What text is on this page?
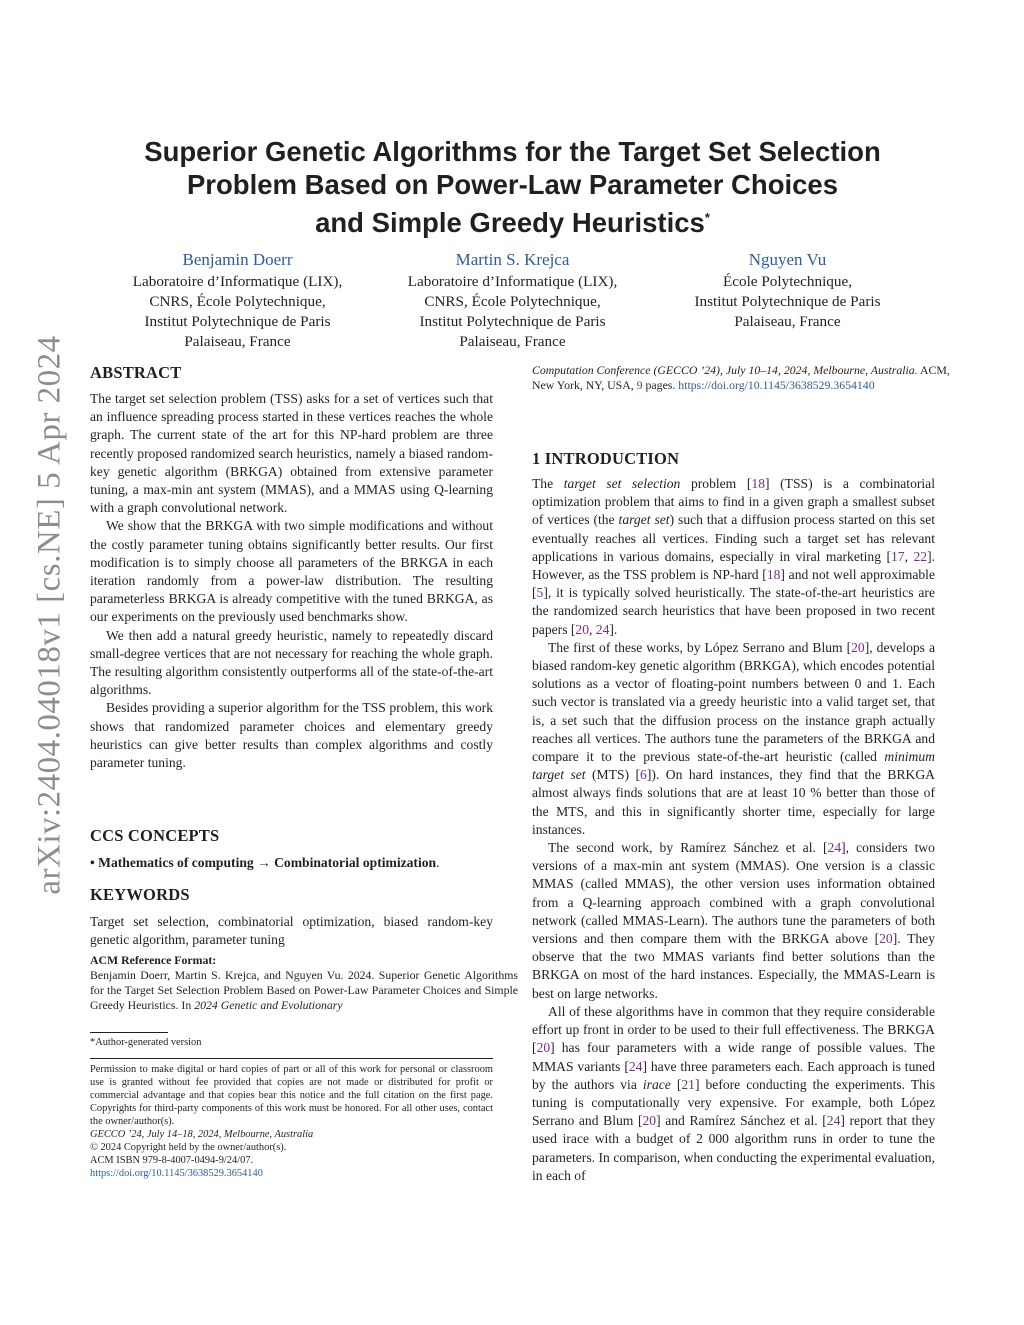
arXiv:2404.04018v1 [cs.NE] 5 Apr 2024
Superior Genetic Algorithms for the Target Set Selection
Problem Based on Power-Law Parameter Choices
and Simple Greedy Heuristics*
Benjamin Doerr
Laboratoire d’Informatique (LIX),
CNRS, École Polytechnique,
Institut Polytechnique de Paris
Palaiseau, France
Martin S. Krejca
Laboratoire d’Informatique (LIX),
CNRS, École Polytechnique,
Institut Polytechnique de Paris
Palaiseau, France
Nguyen Vu
École Polytechnique,
Institut Polytechnique de Paris
Palaiseau, France
ABSTRACT

The target set selection problem (TSS) asks for a set of vertices such that an influence spreading process started in these vertices reaches the whole graph. The current state of the art for this NP-hard problem are three recently proposed randomized search heuristics, namely a biased random-key genetic algorithm (BRKGA) obtained from extensive parameter tuning, a max-min ant system (MMAS), and a MMAS using Q-learning with a graph convolutional network.

We show that the BRKGA with two simple modifications and without the costly parameter tuning obtains significantly better results. Our first modification is to simply choose all parameters of the BRKGA in each iteration randomly from a power-law distribution. The resulting parameterless BRKGA is already competitive with the tuned BRKGA, as our experiments on the previously used benchmarks show.

We then add a natural greedy heuristic, namely to repeatedly discard small-degree vertices that are not necessary for reaching the whole graph. The resulting algorithm consistently outperforms all of the state-of-the-art algorithms.

Besides providing a superior algorithm for the TSS problem, this work shows that randomized parameter choices and elementary greedy heuristics can give better results than complex algorithms and costly parameter tuning.

CCS CONCEPTS

• Mathematics of computing → Combinatorial optimization.

KEYWORDS

Target set selection, combinatorial optimization, biased random-key genetic algorithm, parameter tuning

ACM Reference Format:

Benjamin Doerr, Martin S. Krejca, and Nguyen Vu. 2024. Superior Genetic Algorithms for the Target Set Selection Problem Based on Power-Law Parameter Choices and Simple Greedy Heuristics. In 2024 Genetic and Evolutionary

*Author-generated version

Permission to make digital or hard copies of part or all of this work for personal or classroom use is granted without fee provided that copies are not made or distributed for profit or commercial advantage and that copies bear this notice and the full citation on the first page. Copyrights for third-party components of this work must be honored. For all other uses, contact the owner/author(s).

GECCO ’24, July 14–18, 2024, Melbourne, Australia

© 2024 Copyright held by the owner/author(s).

ACM ISBN 979-8-4007-0494-9/24/07.

https://doi.org/10.1145/3638529.3654140

Computation Conference (GECCO ’24), July 10–14, 2024, Melbourne, Australia. ACM, New York, NY, USA, 9 pages. https://doi.org/10.1145/3638529.3654140

1 INTRODUCTION

The target set selection problem [18] (TSS) is a combinatorial optimization problem that aims to find in a given graph a smallest subset of vertices (the target set) such that a diffusion process started on this set eventually reaches all vertices. Finding such a target set has relevant applications in various domains, especially in viral marketing [17, 22]. However, as the TSS problem is NP-hard [18] and not well approximable [5], it is typically solved heuristically. The state-of-the-art heuristics are the randomized search heuristics that have been proposed in two recent papers [20, 24].

The first of these works, by López Serrano and Blum [20], develops a biased random-key genetic algorithm (BRKGA), which encodes potential solutions as a vector of floating-point numbers between 0 and 1. Each such vector is translated via a greedy heuristic into a valid target set, that is, a set such that the diffusion process on the instance graph actually reaches all vertices. The authors tune the parameters of the BRKGA and compare it to the previous state-of-the-art heuristic (called minimum target set (MTS) [6]). On hard instances, they find that the BRKGA almost always finds solutions that are at least 10 % better than those of the MTS, and this in significantly shorter time, especially for large instances.

The second work, by Ramírez Sánchez et al. [24], considers two versions of a max-min ant system (MMAS). One version is a classic MMAS (called MMAS), the other version uses information obtained from a Q-learning approach combined with a graph convolutional network (called MMAS-Learn). The authors tune the parameters of both versions and then compare them with the BRKGA above [20]. They observe that the two MMAS variants find better solutions than the BRKGA on most of the hard instances. Especially, the MMAS-Learn is best on large networks.

All of these algorithms have in common that they require considerable effort up front in order to be used to their full effectiveness. The BRKGA [20] has four parameters with a wide range of possible values. The MMAS variants [24] have three parameters each. Each approach is tuned by the authors via irace [21] before conducting the experiments. This tuning is computationally very expensive. For example, both López Serrano and Blum [20] and Ramírez Sánchez et al. [24] report that they used irace with a budget of 2 000 algorithm runs in order to tune the parameters. In comparison, when conducting the experimental evaluation, in each of
